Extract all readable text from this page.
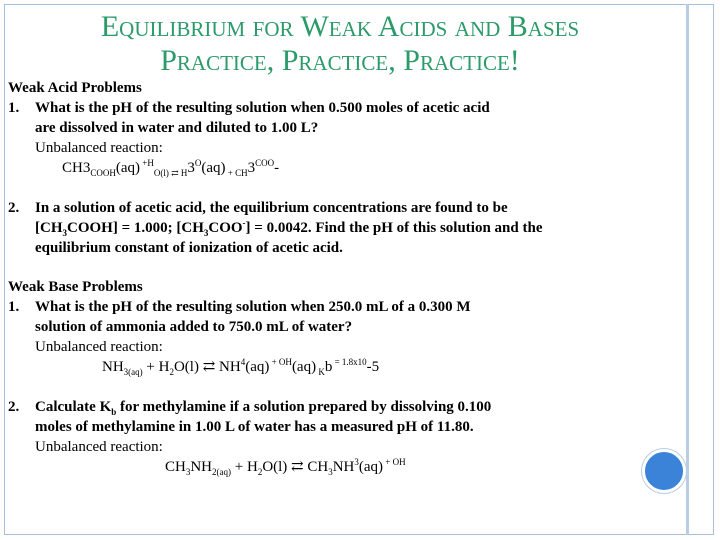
Equilibrium for Weak Acids and Bases
Practice, Practice, Practice!
Weak Acid Problems
1. What is the pH of the resulting solution when 0.500 moles of acetic acid
are dissolved in water and diluted to 1.00 L?
Unbalanced reaction:
$CH3_{COOH}(aq)$ $^{+H}_{O(l) ⇄ H}3^O(aq)$ $_{+ CH}3^{COO}-$
2. In a solution of acetic acid, the equilibrium concentrations are found to be
$[CH_3COOH] = 1.000$; $[CH_3COO^-] = 0.0042$. Find the pH of this solution and the
equilibrium constant of ionization of acetic acid.
Weak Base Problems
1. What is the pH of the resulting solution when 250.0 mL of a 0.300 M
solution of ammonia added to 750.0 mL of water?
Unbalanced reaction:
$NH_{3(aq)} + H_2O(l)$ ⇄ $NH^4(aq)$ $^{+ OH}$(aq) $_K$b $^{= 1.8x10}$-5
2. Calculate $K_b$ for methylamine if a solution prepared by dissolving 0.100
moles of methylamine in 1.00 L of water has a measured pH of 11.80.
Unbalanced reaction:
$CH_3NH_{2(aq)} + H_2O(l)$ ⇄ $CH_3NH^3(aq)$ $^{+ OH}$
